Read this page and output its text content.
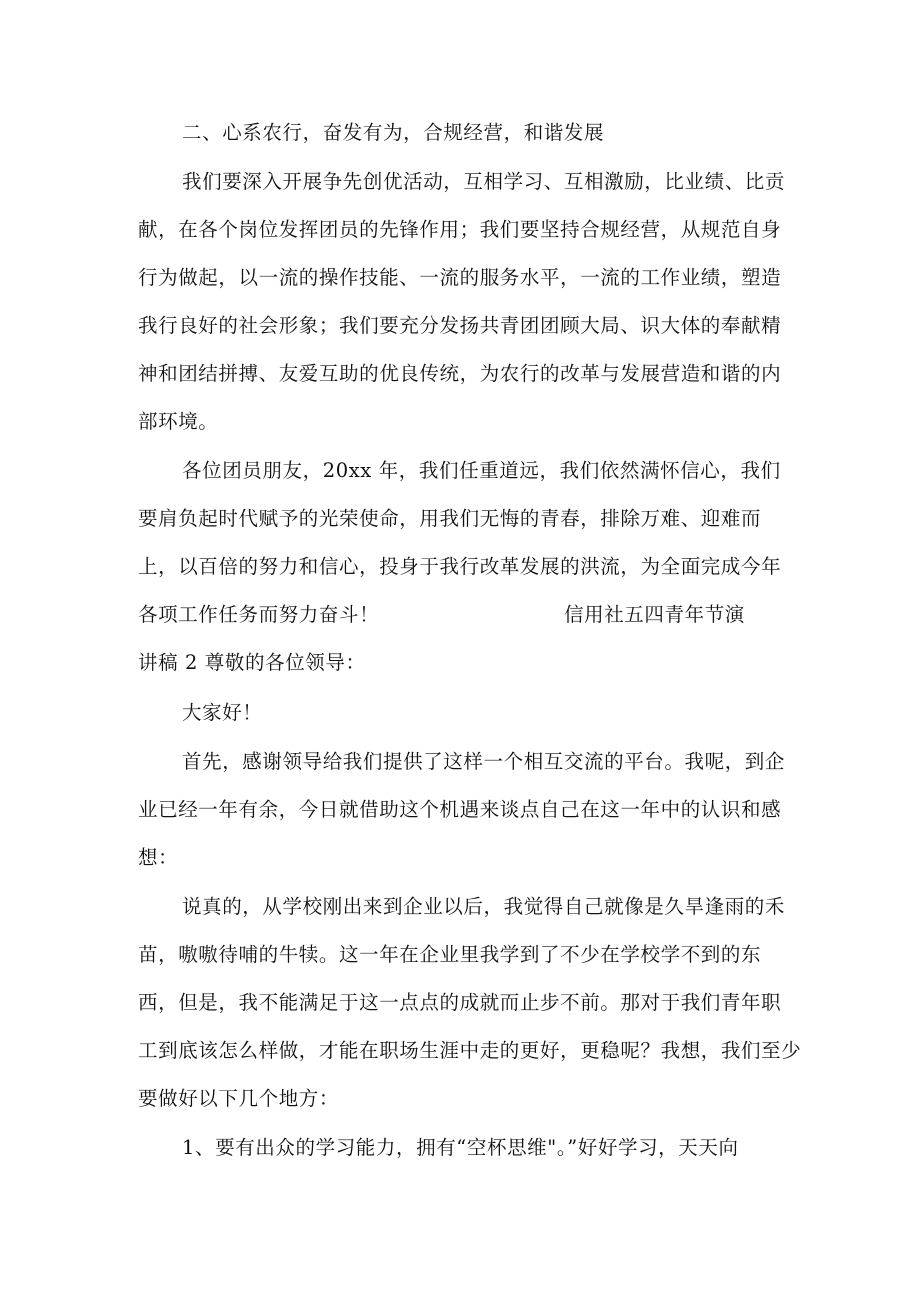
二、心系农行，奋发有为，合规经营，和谐发展
我们要深入开展争先创优活动，互相学习、互相激励，比业绩、比贡
献，在各个岗位发挥团员的先锋作用；我们要坚持合规经营，从规范自身
行为做起，以一流的操作技能、一流的服务水平，一流的工作业绩，塑造
我行良好的社会形象；我们要充分发扬共青团团顾大局、识大体的奉献精
神和团结拼搏、友爱互助的优良传统，为农行的改革与发展营造和谐的内
部环境。
各位团员朋友，20xx 年，我们任重道远，我们依然满怀信心，我们
要肩负起时代赋予的光荣使命，用我们无悔的青春，排除万难、迎难而
上，以百倍的努力和信心，投身于我行改革发展的洪流，为全面完成今年
各项工作任务而努力奋斗！	信用社五四青年节演
讲稿 2 尊敬的各位领导：
大家好！
首先，感谢领导给我们提供了这样一个相互交流的平台。我呢，到企
业已经一年有余，今日就借助这个机遇来谈点自己在这一年中的认识和感
想：
说真的，从学校刚出来到企业以后，我觉得自己就像是久旱逢雨的禾
苗，嗷嗷待哺的牛犊。这一年在企业里我学到了不少在学校学不到的东
西，但是，我不能满足于这一点点的成就而止步不前。那对于我们青年职
工到底该怎么样做，才能在职场生涯中走的更好，更稳呢？我想，我们至少
要做好以下几个地方：
1、要有出众的学习能力，拥有“空杯思维"。”好好学习，天天向
